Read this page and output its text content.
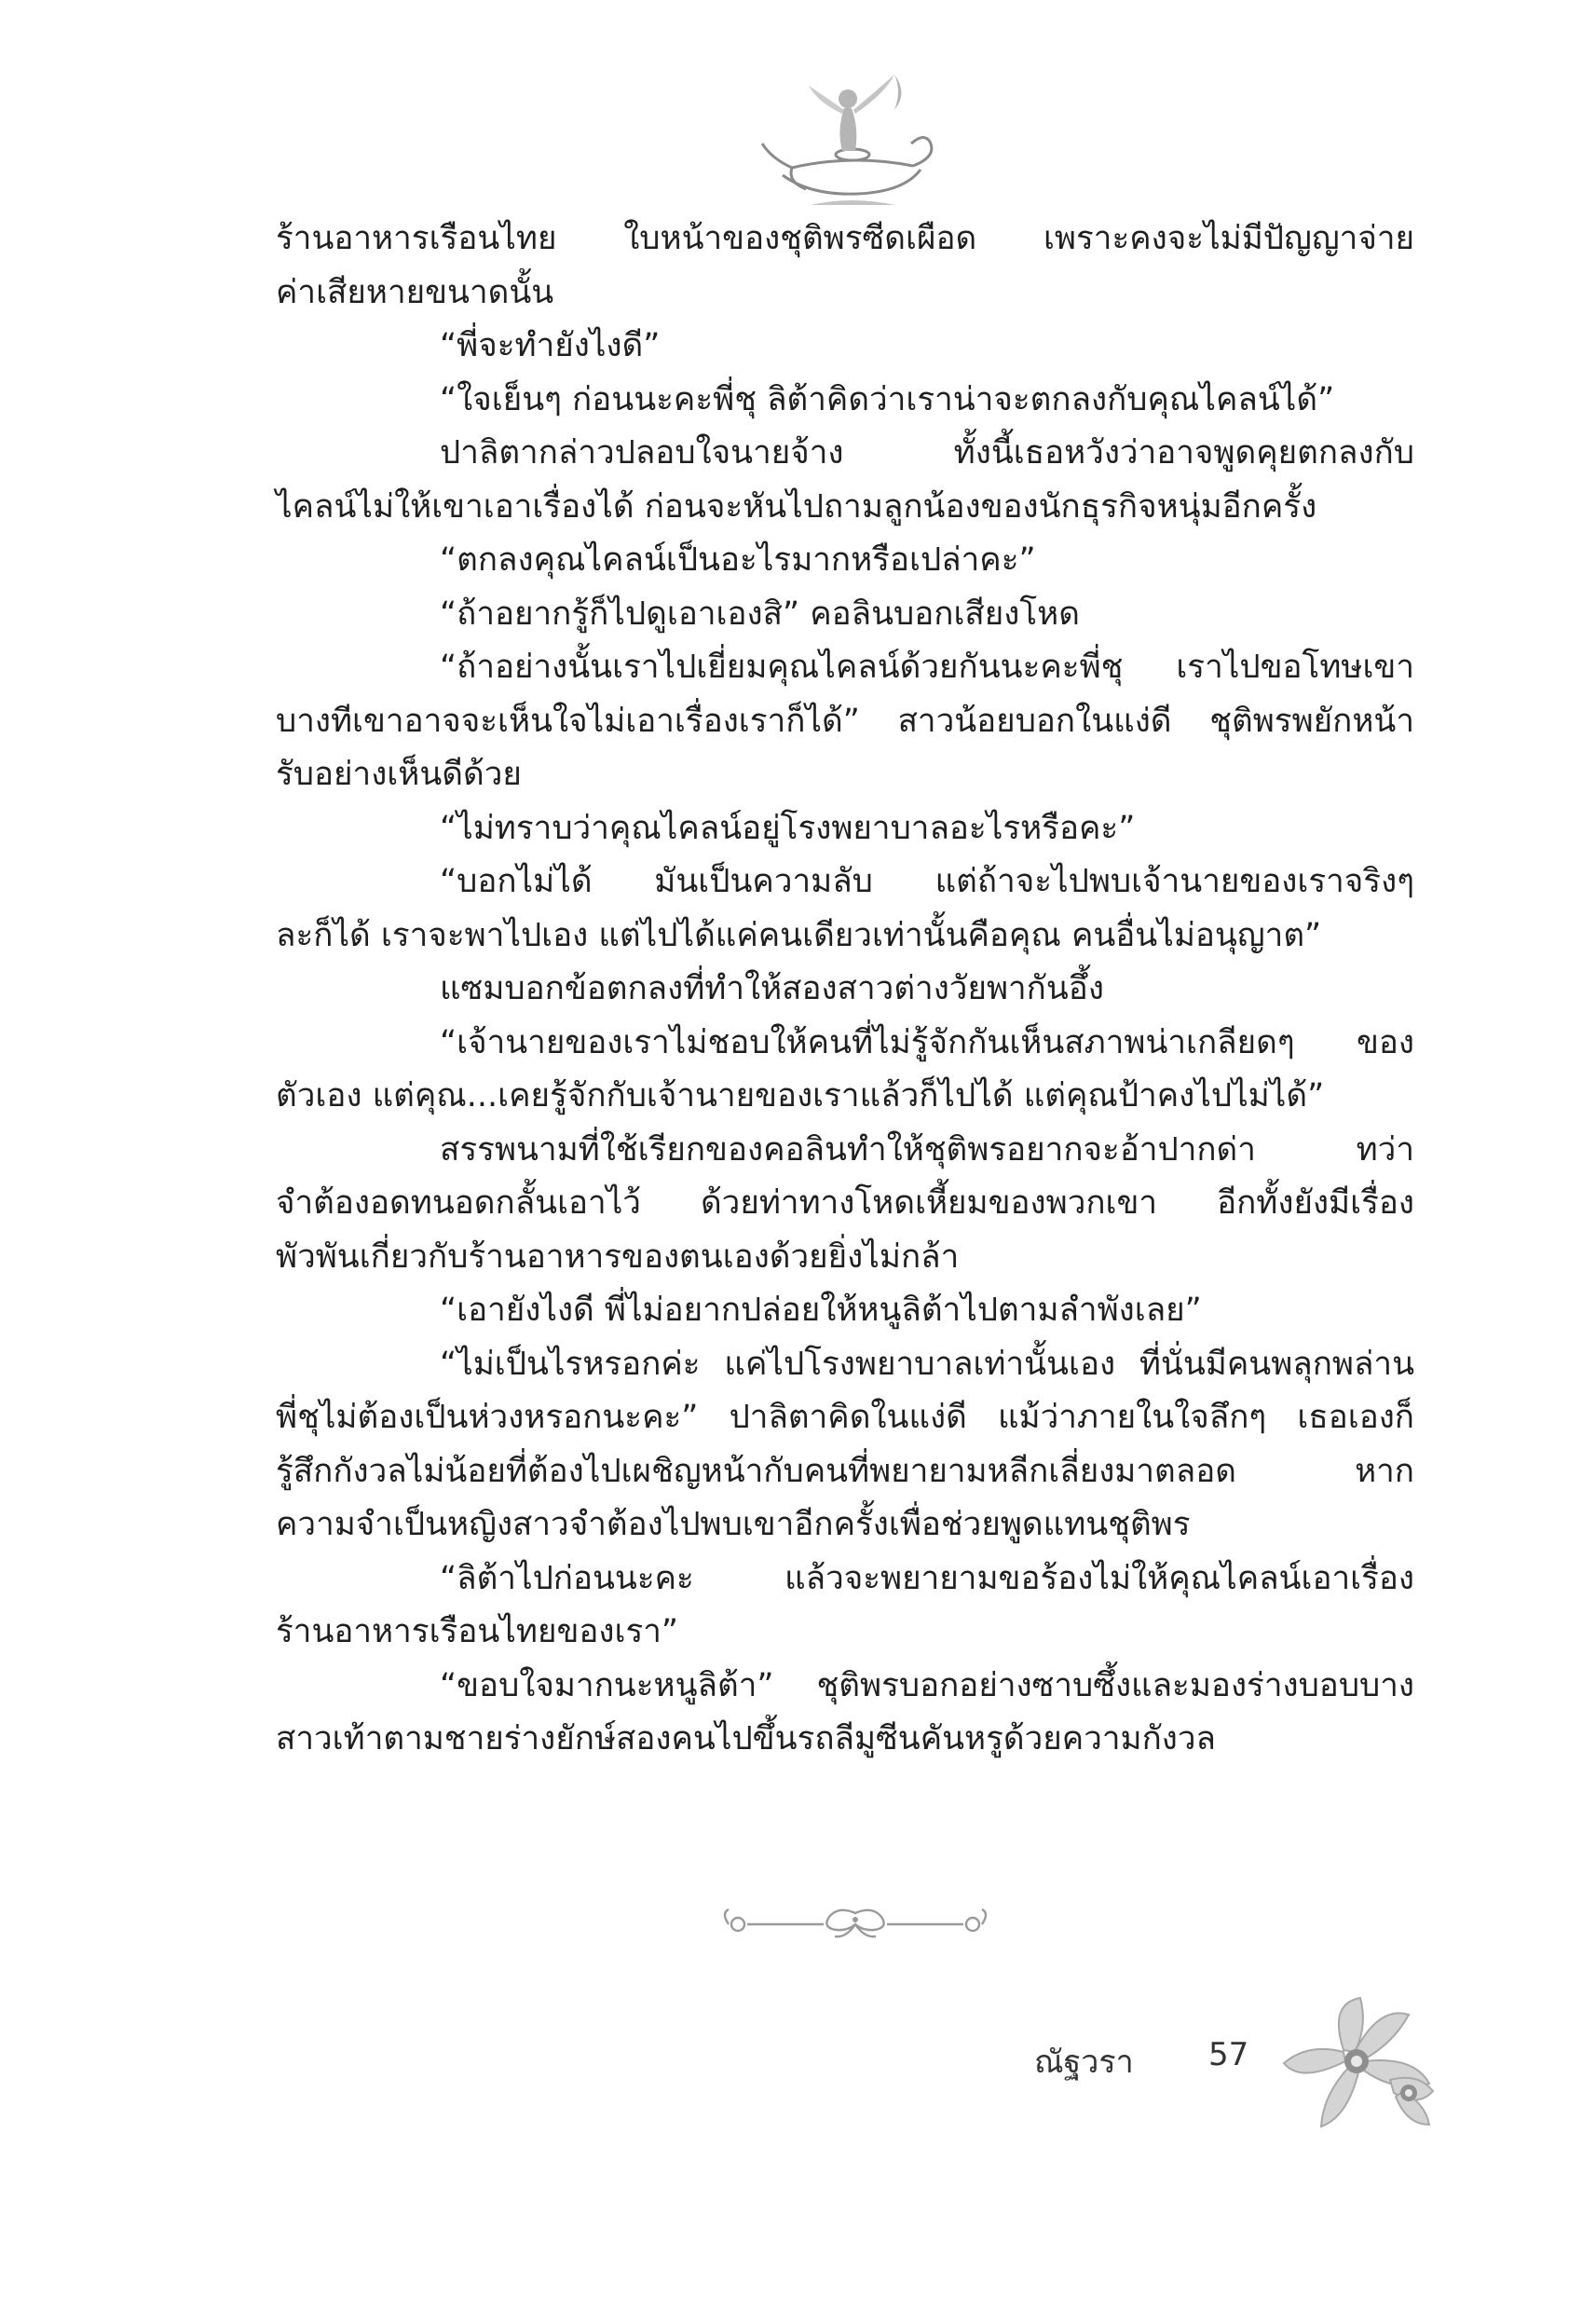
ร้านอาหารเรือนไทย ใบหน้าของชุติพรซีดเผือด เพราะคงจะไม่มีปัญญาจ่าย
ค่าเสียหายขนาดนั้น
“พี่จะทำยังไงดี”
“ใจเย็นๆ ก่อนนะคะพี่ชุ ลิต้าคิดว่าเราน่าจะตกลงกับคุณไคลน์ได้”
ปาลิตากล่าวปลอบใจนายจ้าง ทั้งนี้เธอหวังว่าอาจพูดคุยตกลงกับ
ไคลน์ไม่ให้เขาเอาเรื่องได้ ก่อนจะหันไปถามลูกน้องของนักธุรกิจหนุ่มอีกครั้ง
“ตกลงคุณไคลน์เป็นอะไรมากหรือเปล่าคะ”
“ถ้าอยากรู้ก็ไปดูเอาเองสิ” คอลินบอกเสียงโหด
“ถ้าอย่างนั้นเราไปเยี่ยมคุณไคลน์ด้วยกันนะคะพี่ชุ เราไปขอโทษเขา
บางทีเขาอาจจะเห็นใจไม่เอาเรื่องเราก็ได้” สาวน้อยบอกในแง่ดี ชุติพรพยักหน้า
รับอย่างเห็นดีด้วย
“ไม่ทราบว่าคุณไคลน์อยู่โรงพยาบาลอะไรหรือคะ”
“บอกไม่ได้ มันเป็นความลับ แต่ถ้าจะไปพบเจ้านายของเราจริงๆ
ละก็ได้ เราจะพาไปเอง แต่ไปได้แค่คนเดียวเท่านั้นคือคุณ คนอื่นไม่อนุญาต”
แซมบอกข้อตกลงที่ทำให้สองสาวต่างวัยพากันอึ้ง
“เจ้านายของเราไม่ชอบให้คนที่ไม่รู้จักกันเห็นสภาพน่าเกลียดๆ ของ
ตัวเอง แต่คุณ...เคยรู้จักกับเจ้านายของเราแล้วก็ไปได้ แต่คุณป้าคงไปไม่ได้”
สรรพนามที่ใช้เรียกของคอลินทำให้ชุติพรอยากจะอ้าปากด่า ทว่า
จำต้องอดทนอดกลั้นเอาไว้ ด้วยท่าทางโหดเหี้ยมของพวกเขา อีกทั้งยังมีเรื่อง
พัวพันเกี่ยวกับร้านอาหารของตนเองด้วยยิ่งไม่กล้า
“เอายังไงดี พี่ไม่อยากปล่อยให้หนูลิต้าไปตามลำพังเลย”
“ไม่เป็นไรหรอกค่ะ แค่ไปโรงพยาบาลเท่านั้นเอง ที่นั่นมีคนพลุกพล่าน
พี่ชุไม่ต้องเป็นห่วงหรอกนะคะ” ปาลิตาคิดในแง่ดี แม้ว่าภายในใจลึกๆ เธอเองก็
รู้สึกกังวลไม่น้อยที่ต้องไปเผชิญหน้ากับคนที่พยายามหลีกเลี่ยงมาตลอด หาก
ความจำเป็นหญิงสาวจำต้องไปพบเขาอีกครั้งเพื่อช่วยพูดแทนชุติพร
“ลิต้าไปก่อนนะคะ แล้วจะพยายามขอร้องไม่ให้คุณไคลน์เอาเรื่อง
ร้านอาหารเรือนไทยของเรา”
“ขอบใจมากนะหนูลิต้า” ชุติพรบอกอย่างซาบซึ้งและมองร่างบอบบาง
สาวเท้าตามชายร่างยักษ์สองคนไปขึ้นรถลีมูซีนคันหรูด้วยความกังวล
ณัฐวรา 57
